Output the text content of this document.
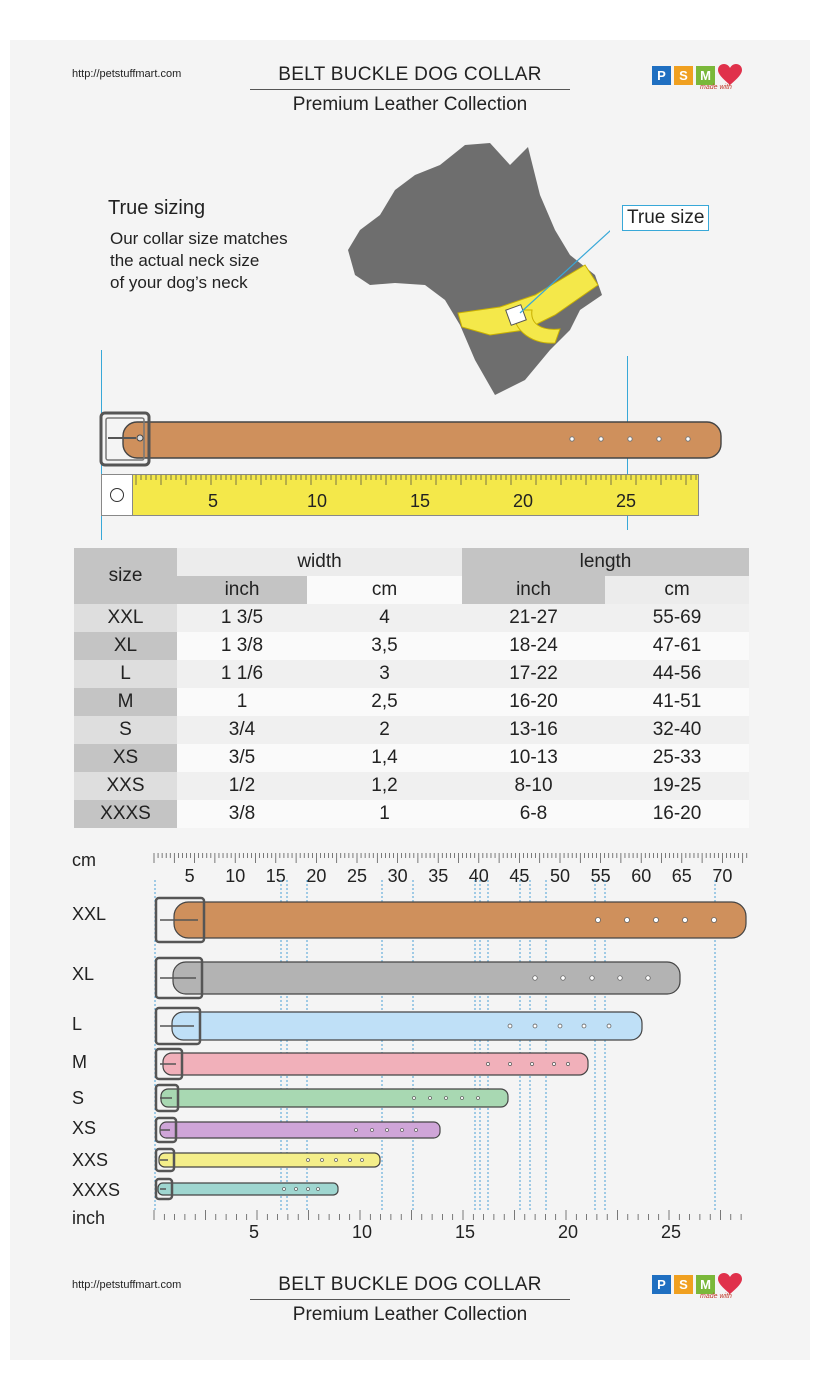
http://petstuffmart.com	BELT BUCKLE DOG COLLAR
Premium Leather Collection
P	S M
made with
True sizing
Our collar size matches
the actual neck size
of your dog’s neck
True size
5	10	15	20	25
size	width		length	
	inch	cm	inch	cm
XXL	1 3/5	4	21-27	55-69
XL	1 3/8	3,5	18-24	47-61
L	1 1/6	3	17-22	44-56
M	1	2,5	16-20	41-51
S	3/4	2	13-16	32-40
XS	3/5	1,4	10-13	25-33
XXS	1/2	1,2	8-10	19-25
XXXS	3/8	1	6-8	16-20
cm
5 10 15 20 25 30 35 40 45 50 55 60 65 70
XXL
XL
L
M
S
XS
XXS
XXXS
inch
5	10	15	20	25
http://petstuffmart.com	BELT BUCKLE DOG COLLAR
Premium Leather Collection
P	S M
made with
